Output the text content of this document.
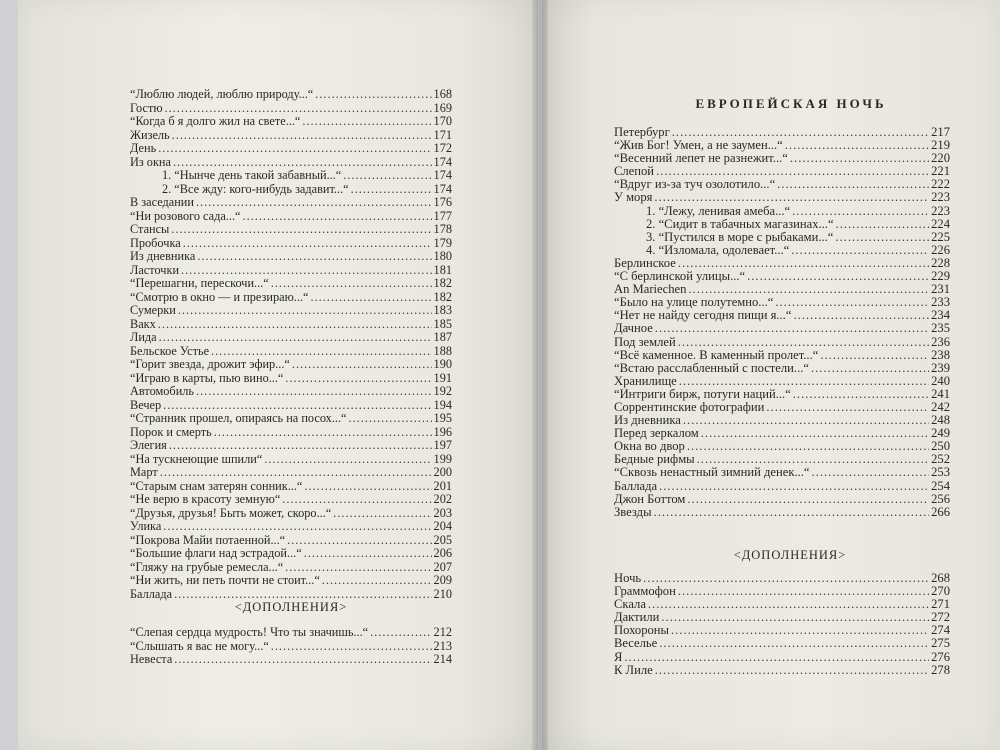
“Люблю людей, люблю природу...“ .....	168
Гостю .....	169
“Когда б я долго жил на свете...“ .....	170
Жизель .....	171
День .....	172
Из окна .....	174
1. “Нынче день такой забавный...“ .....	174
2. “Все жду: кого-нибудь задавит...“ .....	174
В заседании .....	176
“Ни розового сада...“ .....	177
Стансы .....	178
Пробочка .....	179
Из дневника .....	180
Ласточки .....	181
“Перешагни, перескочи...“ .....	182
“Смотрю в окно — и презираю...“ .....	182
Сумерки .....	183
Вакх .....	185
Лида .....	187
Бельское Устье .....	188
“Горит звезда, дрожит эфир...“ .....	190
“Играю в карты, пью вино...“ .....	191
Автомобиль .....	192
Вечер .....	194
“Странник прошел, опираясь на посох...“ .....	195
Порок и смерть .....	196
Элегия .....	197
“На тускнеющие шпили“ .....	199
Март .....	200
“Старым снам затерян сонник...“ .....	201
“Не верю в красоту земную“ .....	202
“Друзья, друзья! Быть может, скоро...“ .....	203
Улика .....	204
“Покрова Майи потаенной...“ .....	205
“Большие флаги над эстрадой...“ .....	206
“Гляжу на грубые ремесла...“ .....	207
“Ни жить, ни петь почти не стоит...“ .....	209
Баллада .....	210
<ДОПОЛНЕНИЯ>
“Слепая сердца мудрость! Что ты значишь...“ .....	212
“Слышать я вас не могу...“ .....	213
Невеста .....	214
ЕВРОПЕЙСКАЯ НОЧЬ
Петербург .....	217
“Жив Бог! Умен, а не заумен...“ .....	219
“Весенний лепет не разнежит...“ .....	220
Слепой .....	221
“Вдруг из-за туч озолотило...“ .....	222
У моря .....	223
1. “Лежу, ленивая амеба...“ .....	223
2. “Сидит в табачных магазинах...“ .....	224
3. “Пустился в море с рыбаками...“ .....	225
4. “Изломала, одолевает...“ .....	226
Берлинское .....	228
“С берлинской улицы...“ .....	229
An Mariechen .....	231
“Было на улице полутемно...“ .....	233
“Нет не найду сегодня пищи я...“ .....	234
Дачное .....	235
Под землей .....	236
“Всё каменное. В каменный пролет...“ .....	238
“Встаю расслабленный с постели...“ .....	239
Хранилище .....	240
“Интриги бирж, потуги наций...“ .....	241
Соррентинские фотографии .....	242
Из дневника .....	248
Перед зеркалом .....	249
Окна во двор .....	250
Бедные рифмы .....	252
“Сквозь ненастный зимний денек...“ .....	253
Баллада .....	254
Джон Боттом .....	256
Звезды .....	266
<ДОПОЛНЕНИЯ>
Ночь .....	268
Граммофон .....	270
Скала .....	271
Дактили .....	272
Похороны .....	274
Веселье .....	275
Я .....	276
К Лиле .....	278
